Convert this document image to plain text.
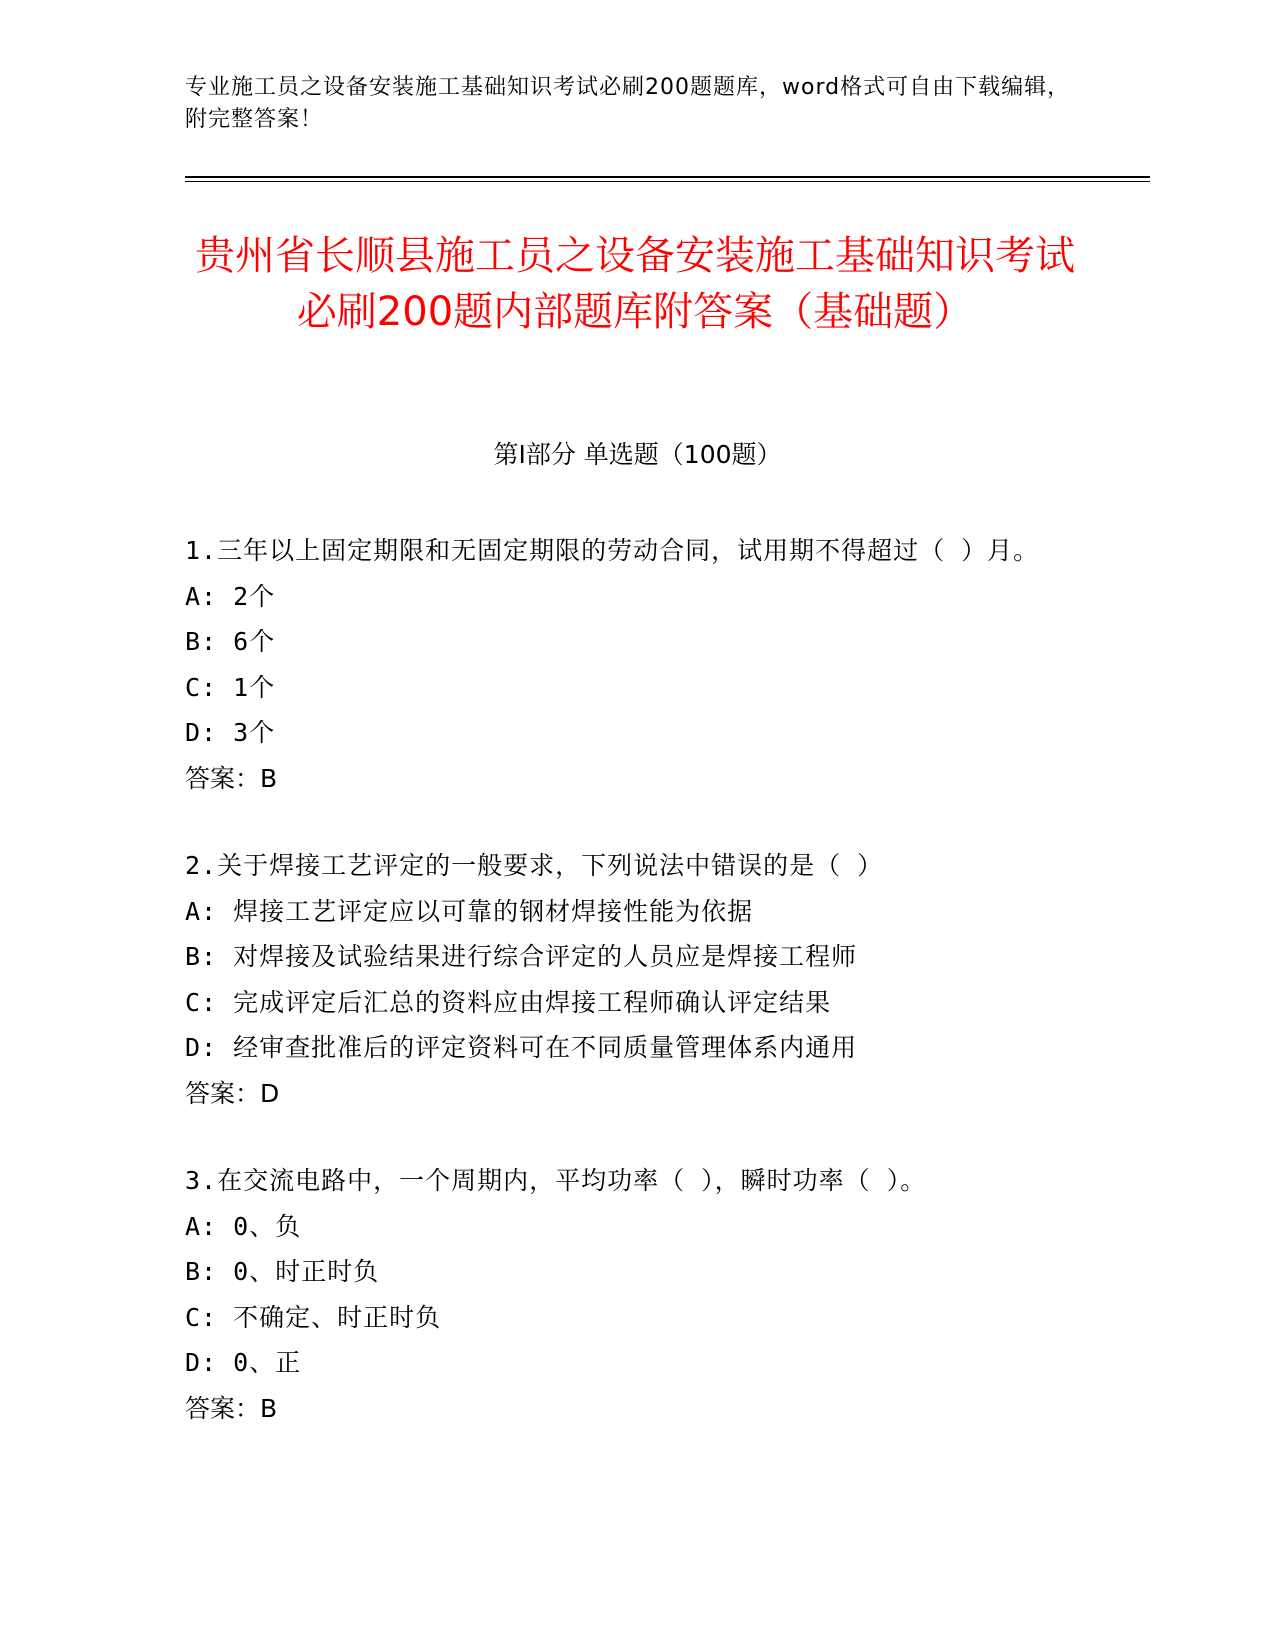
专业施工员之设备安装施工基础知识考试必刷200题题库，word格式可自由下载编辑，附完整答案！
贵州省长顺县施工员之设备安装施工基础知识考试必刷200题内部题库附答案（基础题）
第Ⅰ部分 单选题（100题）
1.三年以上固定期限和无固定期限的劳动合同，试用期不得超过（ ）月。
A: 2个
B: 6个
C: 1个
D: 3个
答案：B
2.关于焊接工艺评定的一般要求，下列说法中错误的是（ ）
A: 焊接工艺评定应以可靠的钢材焊接性能为依据
B: 对焊接及试验结果进行综合评定的人员应是焊接工程师
C: 完成评定后汇总的资料应由焊接工程师确认评定结果
D: 经审查批准后的评定资料可在不同质量管理体系内通用
答案：D
3.在交流电路中，一个周期内，平均功率（ ），瞬时功率（ ）。
A: 0、负
B: 0、时正时负
C: 不确定、时正时负
D: 0、正
答案：B
